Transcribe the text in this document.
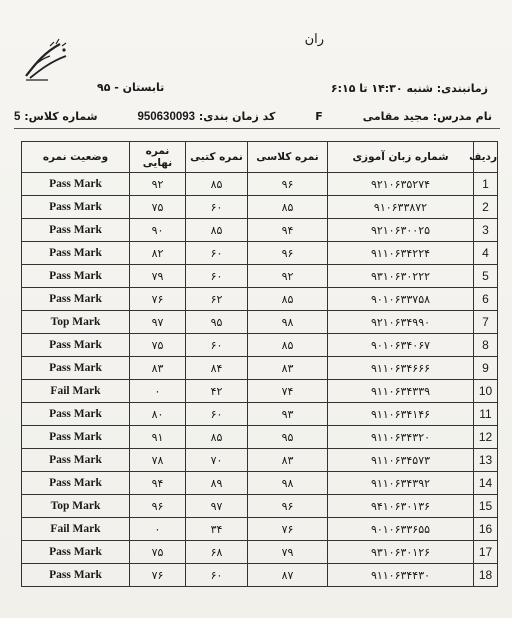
ران
زمانبندی: شنبه ۱۴:۳۰ تا ۶:۱۵
تابستان - ۹۵
نام مدرس: مجید مقامی
F
کد زمان بندی: 950630093
شماره کلاس: 5
ردیف	شماره زبان آموزی	نمره کلاسی	نمره کتبی	نمره نهایی	وضعیت نمره
1	۹۲۱۰۶۳۵۲۷۴	۹۶	۸۵	۹۲	Pass Mark
2	۹۱۰۶۳۳۸۷۲	۸۵	۶۰	۷۵	Pass Mark
3	۹۲۱۰۶۳۰۰۲۵	۹۴	۸۵	۹۰	Pass Mark
4	۹۱۱۰۶۳۴۲۲۴	۹۶	۶۰	۸۲	Pass Mark
5	۹۳۱۰۶۳۰۲۲۲	۹۲	۶۰	۷۹	Pass Mark
6	۹۰۱۰۶۳۳۷۵۸	۸۵	۶۲	۷۶	Pass Mark
7	۹۲۱۰۶۳۴۹۹۰	۹۸	۹۵	۹۷	Top Mark
8	۹۰۱۰۶۳۴۰۶۷	۸۵	۶۰	۷۵	Pass Mark
9	۹۱۱۰۶۳۴۶۶۶	۸۳	۸۴	۸۳	Pass Mark
10	۹۱۱۰۶۳۴۳۳۹	۷۴	۴۲	۰	Fail Mark
11	۹۱۱۰۶۳۴۱۴۶	۹۳	۶۰	۸۰	Pass Mark
12	۹۱۱۰۶۳۴۳۲۰	۹۵	۸۵	۹۱	Pass Mark
13	۹۱۱۰۶۳۴۵۷۳	۸۳	۷۰	۷۸	Pass Mark
14	۹۱۱۰۶۳۴۳۹۲	۹۸	۸۹	۹۴	Pass Mark
15	۹۴۱۰۶۳۰۱۳۶	۹۶	۹۷	۹۶	Top Mark
16	۹۰۱۰۶۳۳۶۵۵	۷۶	۳۴	۰	Fail Mark
17	۹۳۱۰۶۳۰۱۲۶	۷۹	۶۸	۷۵	Pass Mark
18	۹۱۱۰۶۳۴۴۳۰	۸۷	۶۰	۷۶	Pass Mark
